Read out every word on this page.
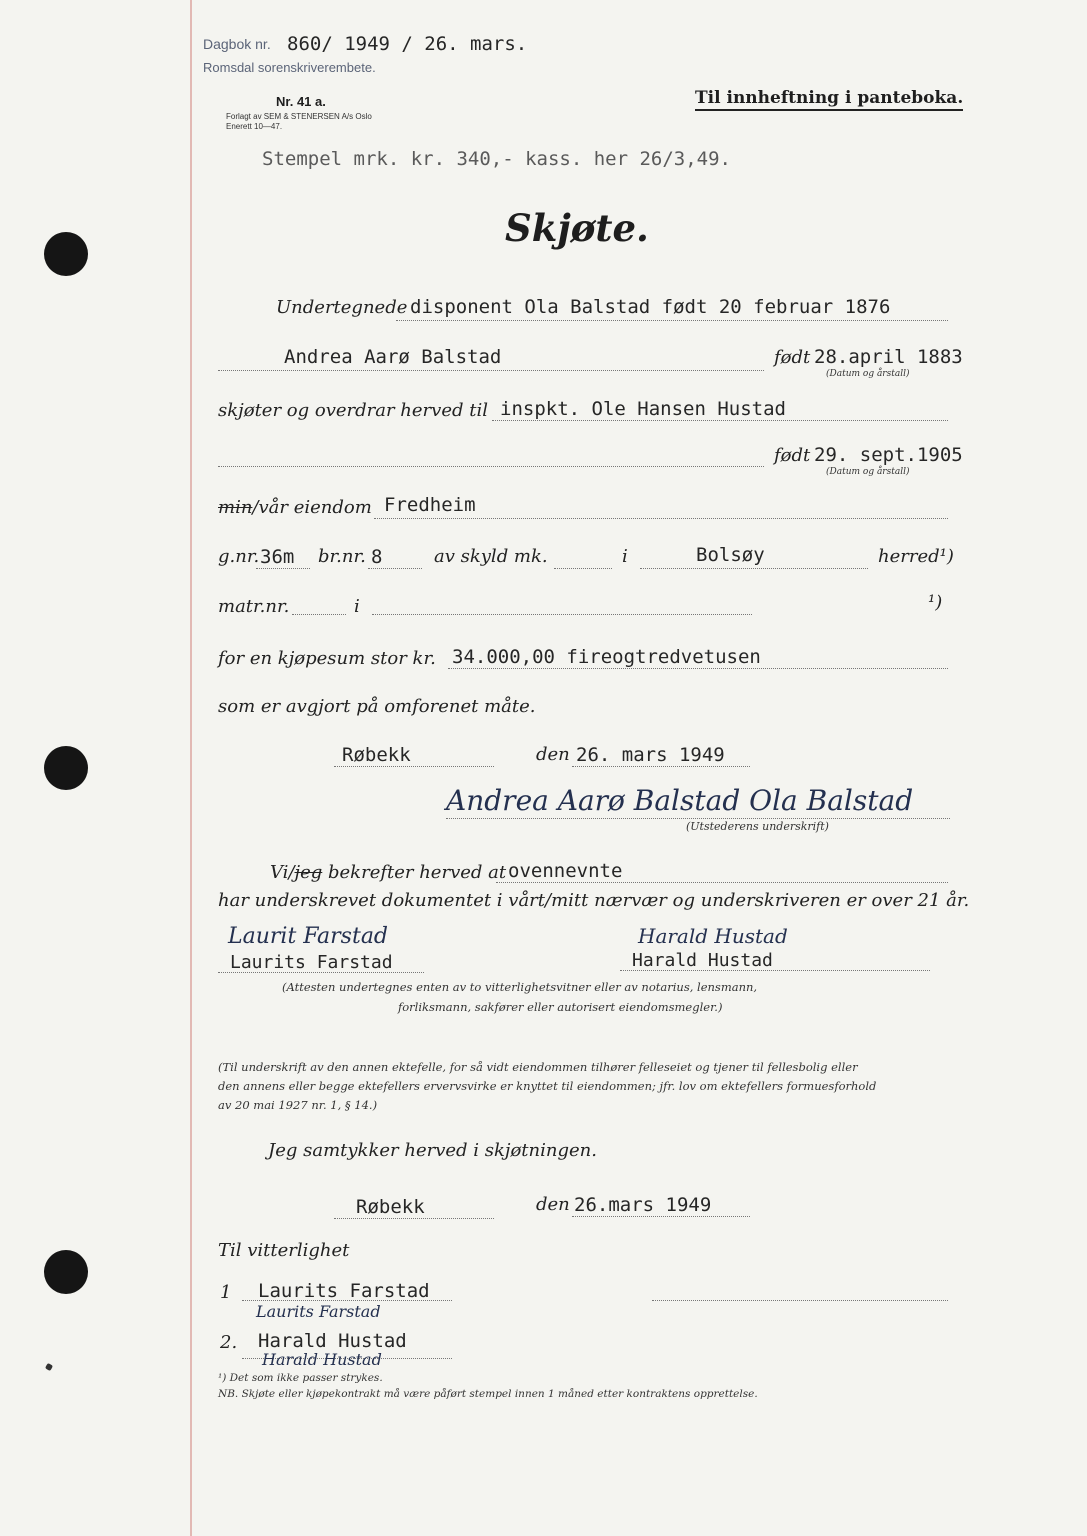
Dagbok nr. 860/ 1949 / 26. mars.
Romsdal sorenskriverembete.
Nr. 41 a.
Forlagt av SEM & STENERSEN A/s Oslo
Enerett 10—47.
Til innheftning i panteboka.
Stempel mrk. kr. 340,- kass. her 26/3,49.
Skjøte.
Undertegnede disponent Ola Balstad født 20 februar 1876
Andrea Aarø Balstad	født 28.april 1883
(Datum og årstall)
skjøter og overdrar herved til inspkt. Ole Hansen Hustad
født 29. sept.1905
(Datum og årstall)
min/vår eiendom Fredheim
g.nr. 36m br.nr. 8	av skyld mk.	i	Bolsøy	herred¹)
matr.nr.	i	¹)
for en kjøpesum stor kr. 34.000,00 fireogtredvetusen
som er avgjort på omforenet måte.
Røbekk	den 26. mars 1949
Andrea Aarø Balstad Ola Balstad
(Utstederens underskrift)
Vi/jeg bekrefter herved at ovennevnte
har underskrevet dokumentet i vårt/mitt nærvær og underskriveren er over 21 år.
Laurit Farstad
Laurits Farstad
Harald Hustad
Harald Hustad
(Attesten undertegnes enten av to vitterlighetsvitner eller av notarius, lensmann,
forliksmann, sakfører eller autorisert eiendomsmegler.)
(Til underskrift av den annen ektefelle, for så vidt eiendommen tilhører felleseiet og tjener til fellesbolig eller
den annens eller begge ektefellers ervervsvirke er knyttet til eiendommen; jfr. lov om ektefellers formuesforhold
av 20 mai 1927 nr. 1, § 14.)
Jeg samtykker herved i skjøtningen.
Røbekk	den 26.mars 1949
Til vitterlighet
1 Laurits Farstad
Laurits Farstad
2. Harald Hustad
Harald Hustad
¹) Det som ikke passer strykes.
NB. Skjøte eller kjøpekontrakt må være påført stempel innen 1 måned etter kontraktens opprettelse.
